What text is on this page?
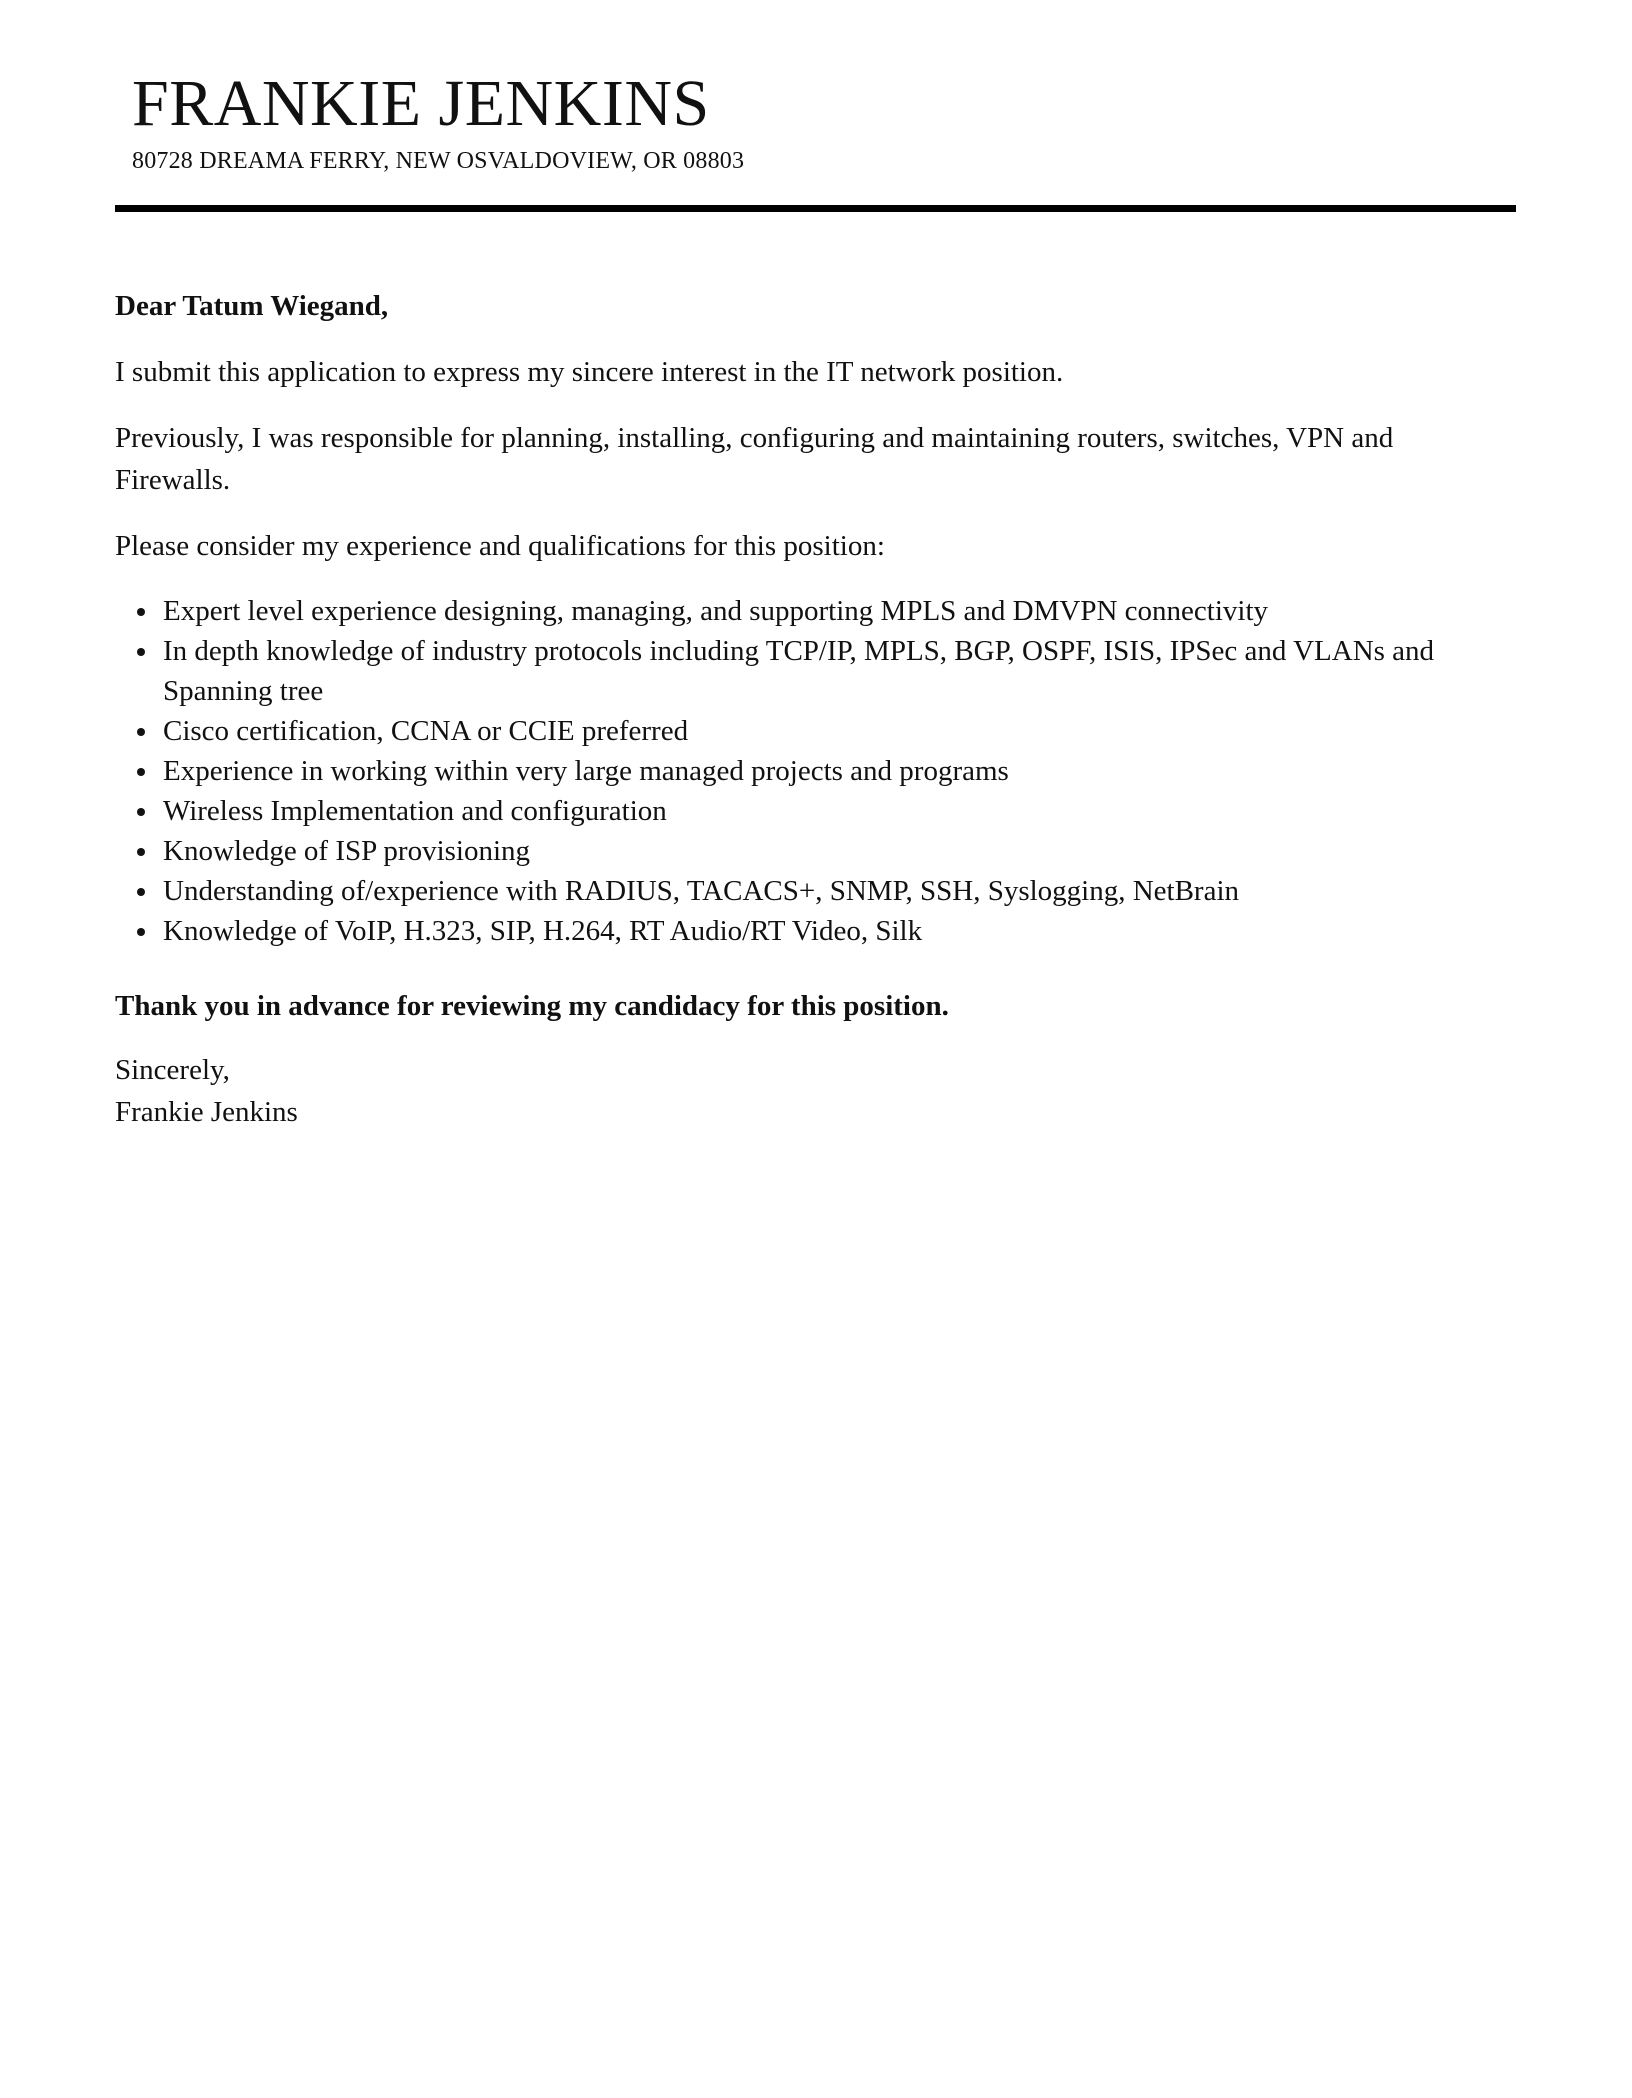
FRANKIE JENKINS
80728 DREAMA FERRY, NEW OSVALDOVIEW, OR 08803

Dear Tatum Wiegand,

I submit this application to express my sincere interest in the IT network position.

Previously, I was responsible for planning, installing, configuring and maintaining routers, switches, VPN and Firewalls.

Please consider my experience and qualifications for this position:

Expert level experience designing, managing, and supporting MPLS and DMVPN connectivity
In depth knowledge of industry protocols including TCP/IP, MPLS, BGP, OSPF, ISIS, IPSec and VLANs and Spanning tree
Cisco certification, CCNA or CCIE preferred
Experience in working within very large managed projects and programs
Wireless Implementation and configuration
Knowledge of ISP provisioning
Understanding of/experience with RADIUS, TACACS+, SNMP, SSH, Syslogging, NetBrain
Knowledge of VoIP, H.323, SIP, H.264, RT Audio/RT Video, Silk

Thank you in advance for reviewing my candidacy for this position.

Sincerely,

Frankie Jenkins
